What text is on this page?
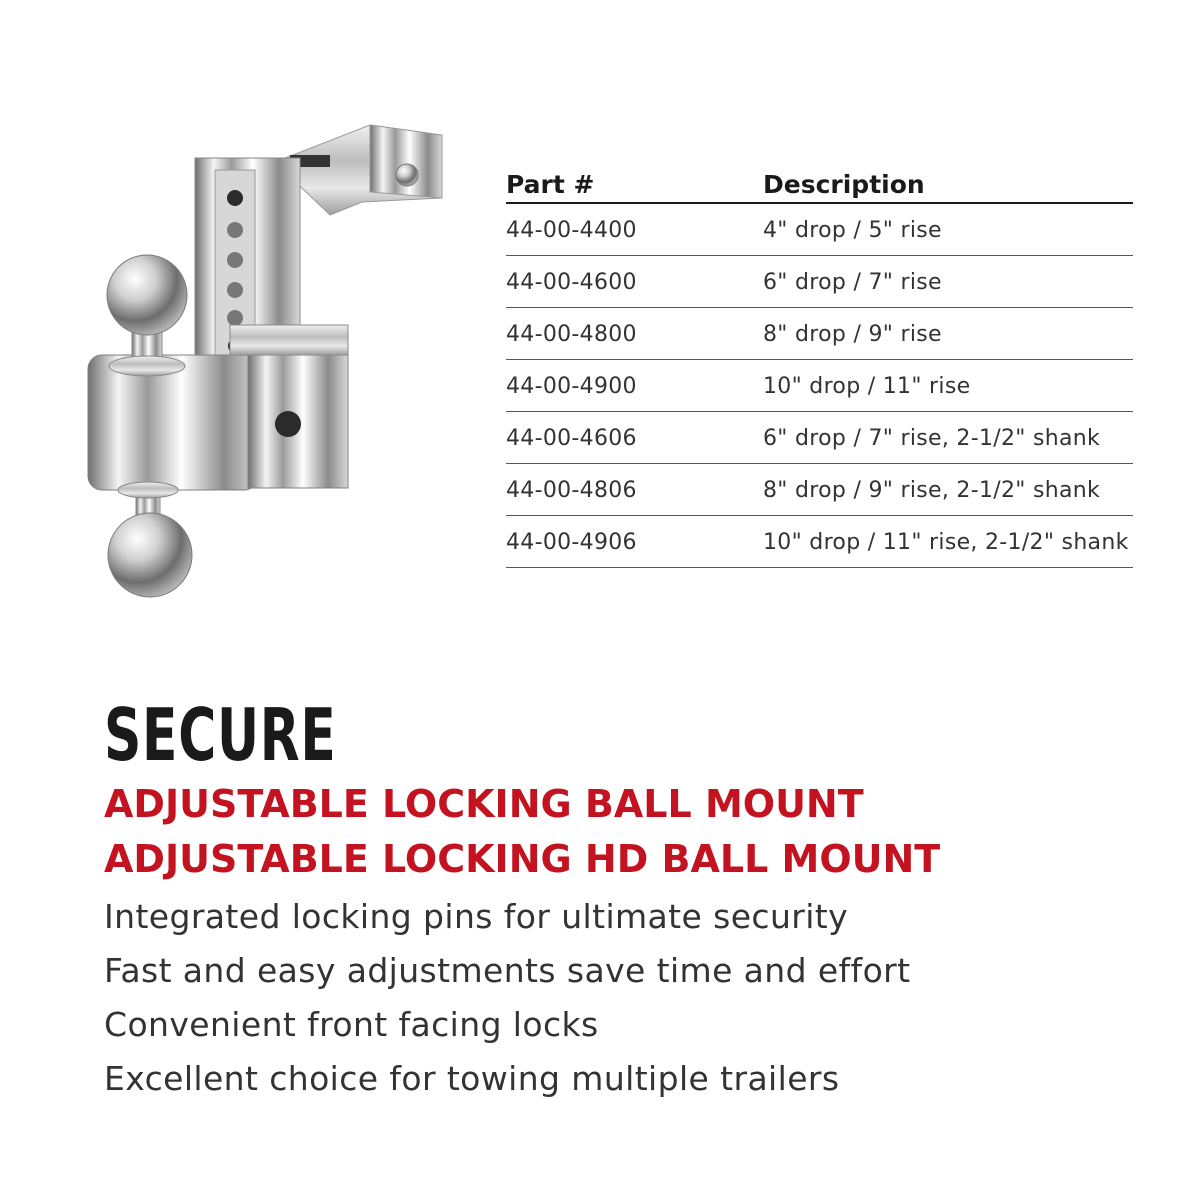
Part #	Description
44-00-4400	4" drop / 5" rise
44-00-4600	6" drop / 7" rise
44-00-4800	8" drop / 9" rise
44-00-4900	10" drop / 11" rise
44-00-4606	6" drop / 7" rise, 2-1/2" shank
44-00-4806	8" drop / 9" rise, 2-1/2" shank
44-00-4906	10" drop / 11" rise, 2-1/2" shank
SECURE
ADJUSTABLE LOCKING BALL MOUNT
ADJUSTABLE LOCKING HD BALL MOUNT
Integrated locking pins for ultimate security
Fast and easy adjustments save time and effort
Convenient front facing locks
Excellent choice for towing multiple trailers
